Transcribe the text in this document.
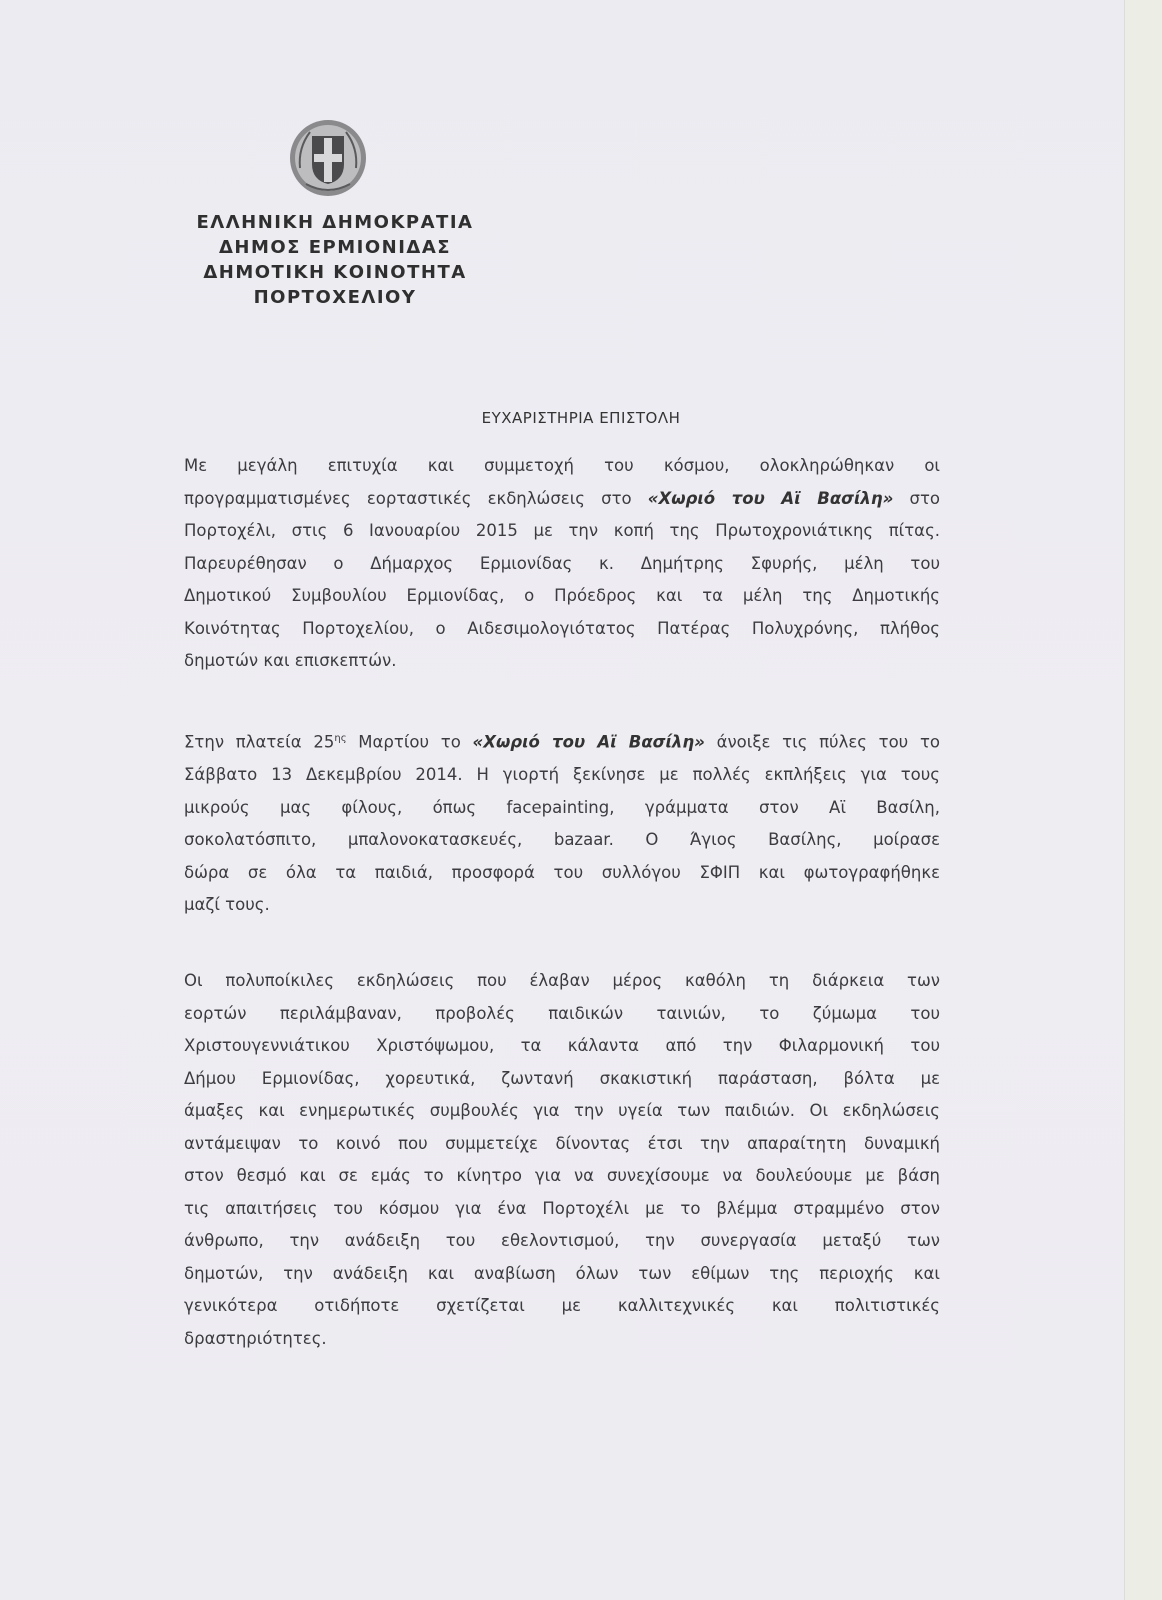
ΕΛΛΗΝΙΚΗ ΔΗΜΟΚΡΑΤΙΑ
ΔΗΜΟΣ ΕΡΜΙΟΝΙΔΑΣ
ΔΗΜΟΤΙΚΗ ΚΟΙΝΟΤΗΤΑ
ΠΟΡΤΟΧΕΛΙΟΥ
ΕΥΧΑΡΙΣΤΗΡΙΑ ΕΠΙΣΤΟΛΗ
Με μεγάλη επιτυχία και συμμετοχή του κόσμου, ολοκληρώθηκαν οι
προγραμματισμένες εορταστικές εκδηλώσεις στο «Χωριό του Αϊ Βασίλη» στο
Πορτοχέλι, στις 6 Ιανουαρίου 2015 με την κοπή της Πρωτοχρονιάτικης πίτας.
Παρευρέθησαν ο Δήμαρχος Ερμιονίδας κ. Δημήτρης Σφυρής, μέλη του
Δημοτικού Συμβουλίου Ερμιονίδας, ο Πρόεδρος και τα μέλη της Δημοτικής
Κοινότητας Πορτοχελίου, ο Αιδεσιμολογιότατος Πατέρας Πολυχρόνης, πλήθος
δημοτών και επισκεπτών.
Στην πλατεία $25^{\eta\varsigma}$ Μαρτίου το «Χωριό του Αϊ Βασίλη» άνοιξε τις πύλες του το
Σάββατο 13 Δεκεμβρίου 2014. Η γιορτή ξεκίνησε με πολλές εκπλήξεις για τους
μικρούς μας φίλους, όπως facepainting, γράμματα στον Αϊ Βασίλη,
σοκολατόσπιτο, μπαλονοκατασκευές, bazaar. Ο Άγιος Βασίλης, μοίρασε
δώρα σε όλα τα παιδιά, προσφορά του συλλόγου ΣΦΙΠ και φωτογραφήθηκε
μαζί τους.
Οι πολυποίκιλες εκδηλώσεις που έλαβαν μέρος καθόλη τη διάρκεια των
εορτών περιλάμβαναν, προβολές παιδικών ταινιών, το ζύμωμα του
Χριστουγεννιάτικου Χριστόψωμου, τα κάλαντα από την Φιλαρμονική του
Δήμου Ερμιονίδας, χορευτικά, ζωντανή σκακιστική παράσταση, βόλτα με
άμαξες και ενημερωτικές συμβουλές για την υγεία των παιδιών. Οι εκδηλώσεις
αντάμειψαν το κοινό που συμμετείχε δίνοντας έτσι την απαραίτητη δυναμική
στον θεσμό και σε εμάς το κίνητρο για να συνεχίσουμε να δουλεύουμε με βάση
τις απαιτήσεις του κόσμου για ένα Πορτοχέλι με το βλέμμα στραμμένο στον
άνθρωπο, την ανάδειξη του εθελοντισμού, την συνεργασία μεταξύ των
δημοτών, την ανάδειξη και αναβίωση όλων των εθίμων της περιοχής και
γενικότερα οτιδήποτε σχετίζεται με καλλιτεχνικές και πολιτιστικές
δραστηριότητες.
